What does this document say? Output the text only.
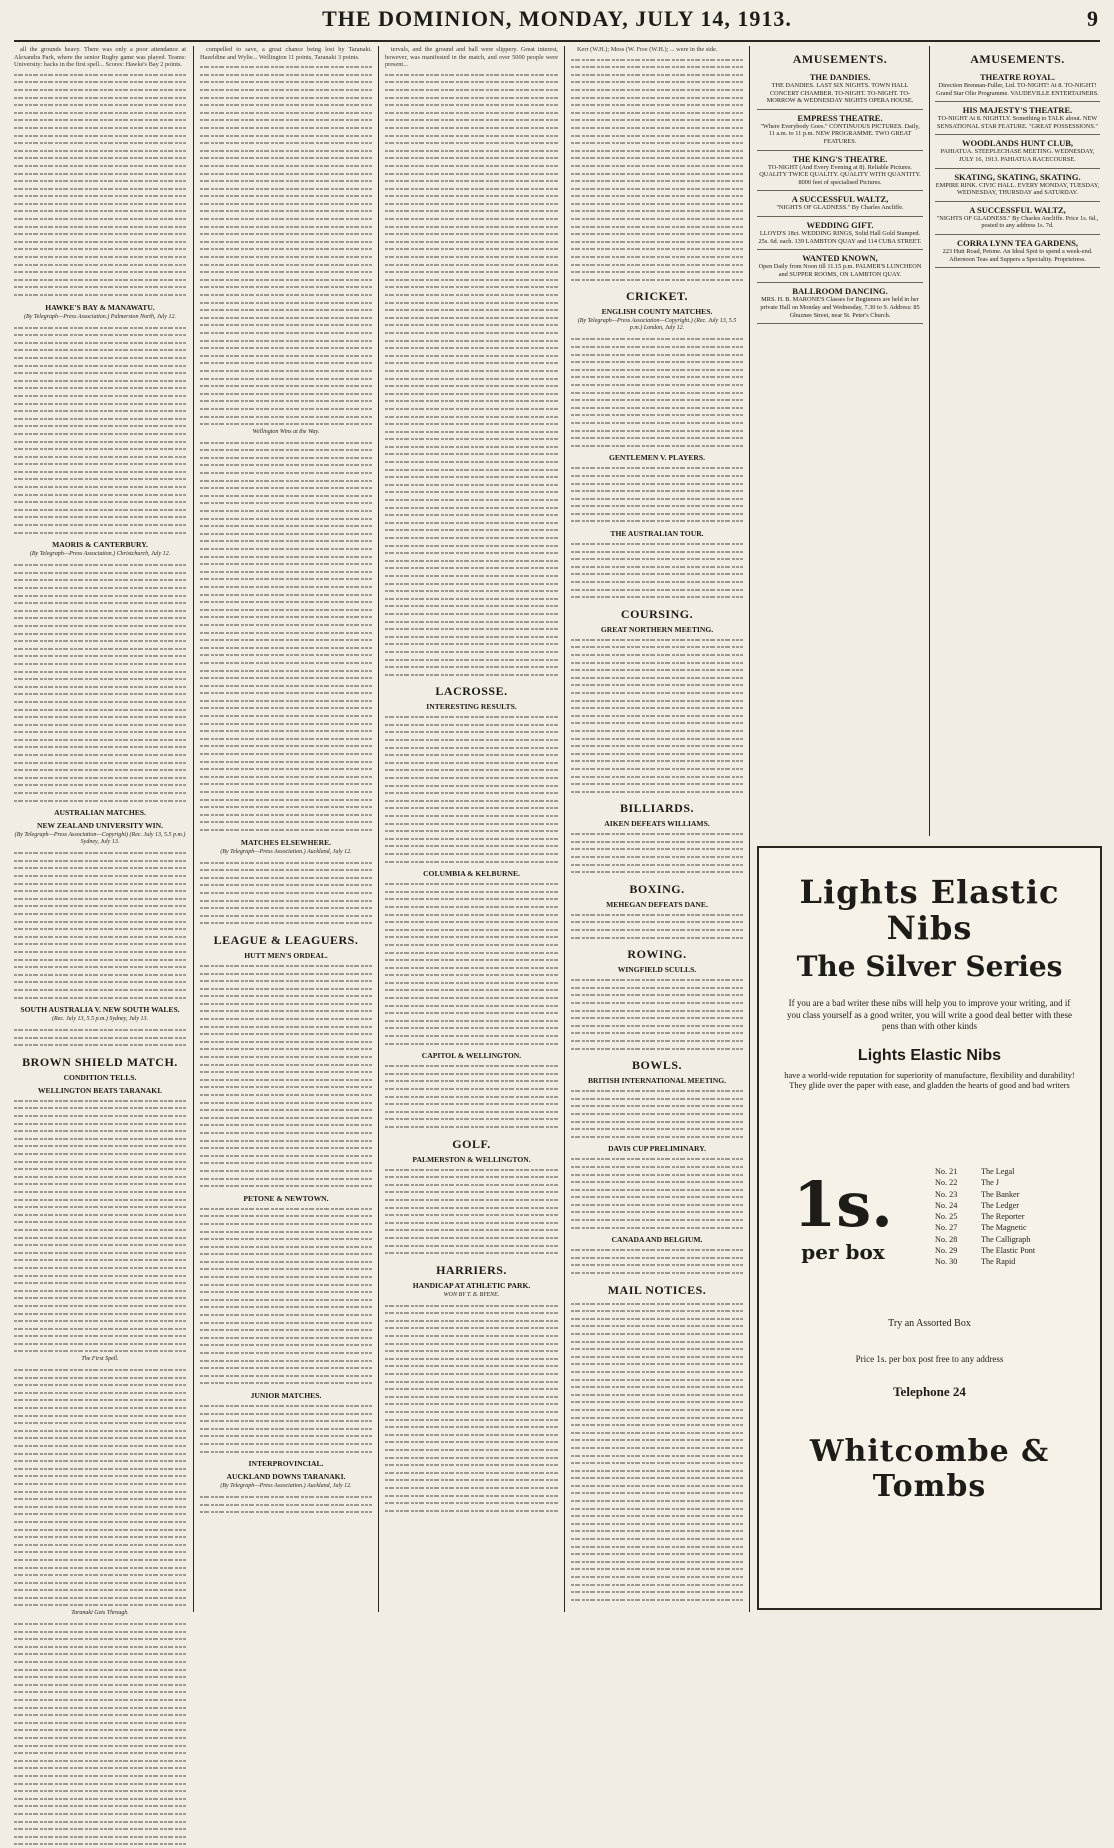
THE DOMINION, MONDAY, JULY 14, 1913.	9
all the grounds heavy. There was only a poor attendance at Alexandra Park, where the senior Rugby game was played. Teams: University: backs in the first spell... Scores: Hawke's Bay 2 points.
HAWKE'S BAY & MANAWATU.
(By Telegraph—Press Association.) Palmerston North, July 12.
MAORIS & CANTERBURY.
(By Telegraph—Press Association.) Christchurch, July 12.
AUSTRALIAN MATCHES.
NEW ZEALAND UNIVERSITY WIN.
(By Telegraph—Press Association—Copyright) (Rec. July 13, 5.5 p.m.) Sydney, July 13.
SOUTH AUSTRALIA V. NEW SOUTH WALES.
(Rec. July 13, 5.5 p.m.) Sydney, July 13.
BROWN SHIELD MATCH.
CONDITION TELLS.
WELLINGTON BEATS TARANAKI.
The First Spell.
Taranaki Gets Through.
compelled to save, a great chance being lost by Taranaki. Hazeldine and Wylie... Wellington 11 points, Taranaki 3 points.
Wellington Wins at the Way.
MATCHES ELSEWHERE.
(By Telegraph—Press Association.) Auckland, July 12.
LEAGUE & LEAGUERS.
HUTT MEN'S ORDEAL.
PETONE & NEWTOWN.
JUNIOR MATCHES.
INTERPROVINCIAL.
AUCKLAND DOWNS TARANAKI.
(By Telegraph—Press Association.) Auckland, July 12.
tervals, and the ground and ball were slippery. Great interest, however, was manifested in the match, and over 5000 people were present...
LACROSSE.
INTERESTING RESULTS.
COLUMBIA & KELBURNE.
CAPITOL & WELLINGTON.
GOLF.
PALMERSTON & WELLINGTON.
HARRIERS.
HANDICAP AT ATHLETIC PARK.
WON BY T. B. BYENE.
Kerr (W.H.); Moss (W. Free (W.H.); ... were in the side.
CRICKET.
ENGLISH COUNTY MATCHES.
(By Telegraph—Press Association—Copyright.) (Rec. July 13, 5.5 p.m.) London, July 12.
GENTLEMEN V. PLAYERS.
THE AUSTRALIAN TOUR.
COURSING.
GREAT NORTHERN MEETING.
BILLIARDS.
AIKEN DEFEATS WILLIAMS.
BOXING.
MEHEGAN DEFEATS DANE.
ROWING.
WINGFIELD SCULLS.
BOWLS.
BRITISH INTERNATIONAL MEETING.
DAVIS CUP PRELIMINARY.
CANADA AND BELGIUM.
MAIL NOTICES.
AMUSEMENTS.
THE DANDIES.
THE DANDIES. LAST SIX NIGHTS. TOWN HALL CONCERT CHAMBER. TO-NIGHT. TO-NIGHT. TO-MORROW & WEDNESDAY NIGHTS OPERA HOUSE.
EMPRESS THEATRE.
"Where Everybody Goes." CONTINUOUS PICTURES. Daily, 11 a.m. to 11 p.m. NEW PROGRAMME. TWO GREAT FEATURES.
THE KING'S THEATRE.
TO-NIGHT (And Every Evening at 8). Reliable Pictures. QUALITY TWICE QUALITY. QUALITY WITH QUANTITY. 8000 feet of specialised Pictures.
A SUCCESSFUL WALTZ,
"NIGHTS OF GLADNESS." By Charles Ancliffe.
WEDDING GIFT.
LLOYD'S 18ct. WEDDING RINGS, Solid Hall Gold Stamped. 25s. 6d. each. 139 LAMBTON QUAY and 114 CUBA STREET.
WANTED KNOWN,
Open Daily from Noon till 11.15 p.m. PALMER'S LUNCHEON and SUPPER ROOMS, ON LAMBTON QUAY.
BALLROOM DANCING.
MRS. H. B. MARONE'S Classes for Beginners are held in her private Hall on Monday and Wednesday, 7.30 to 9. Address: 85 Ghuznee Street, near St. Peter's Church.
AMUSEMENTS.
THEATRE ROYAL.
Direction Brennan-Fuller, Ltd. TO-NIGHT! At 8. TO-NIGHT! Grand Star Olio Programme. VAUDEVILLE ENTERTAINERS.
HIS MAJESTY'S THEATRE.
TO-NIGHT At 8. NIGHTLY. Something to TALK about. NEW SENSATIONAL STAR FEATURE. "GREAT POSSESSIONS."
WOODLANDS HUNT CLUB,
PAHIATUA. STEEPLECHASE MEETING. WEDNESDAY, JULY 16, 1913. PAHIATUA RACECOURSE.
SKATING, SKATING, SKATING.
EMPIRE RINK. CIVIC HALL. EVERY MONDAY, TUESDAY, WEDNESDAY, THURSDAY and SATURDAY.
A SUCCESSFUL WALTZ,
"NIGHTS OF GLADNESS." By Charles Ancliffe. Price 1s. 6d., posted to any address 1s. 7d.
CORRA LYNN TEA GARDENS,
223 Hutt Road, Petone. An Ideal Spot to spend a week-end. Afternoon Teas and Suppers a Speciality. Proprietress.
Lights Elastic Nibs
The Silver Series
If you are a bad writer these nibs will help you to improve your writing, and if you class yourself as a good writer, you will write a good deal better with these pens than with other kinds
Lights Elastic Nibs
have a world-wide reputation for superiority of manufacture, flexibility and durability! They glide over the paper with ease, and gladden the hearts of good and bad writers
1s.
per box
No. 21	The Legal
No. 22	The J
No. 23	The Banker
No. 24	The Ledger
No. 25	The Reporter
No. 27	The Magnetic
No. 28	The Calligraph
No. 29	The Elastic Pont
No. 30	The Rapid
Try an Assorted Box
Price 1s. per box post free to any address
Telephone 24
Whitcombe & Tombs
